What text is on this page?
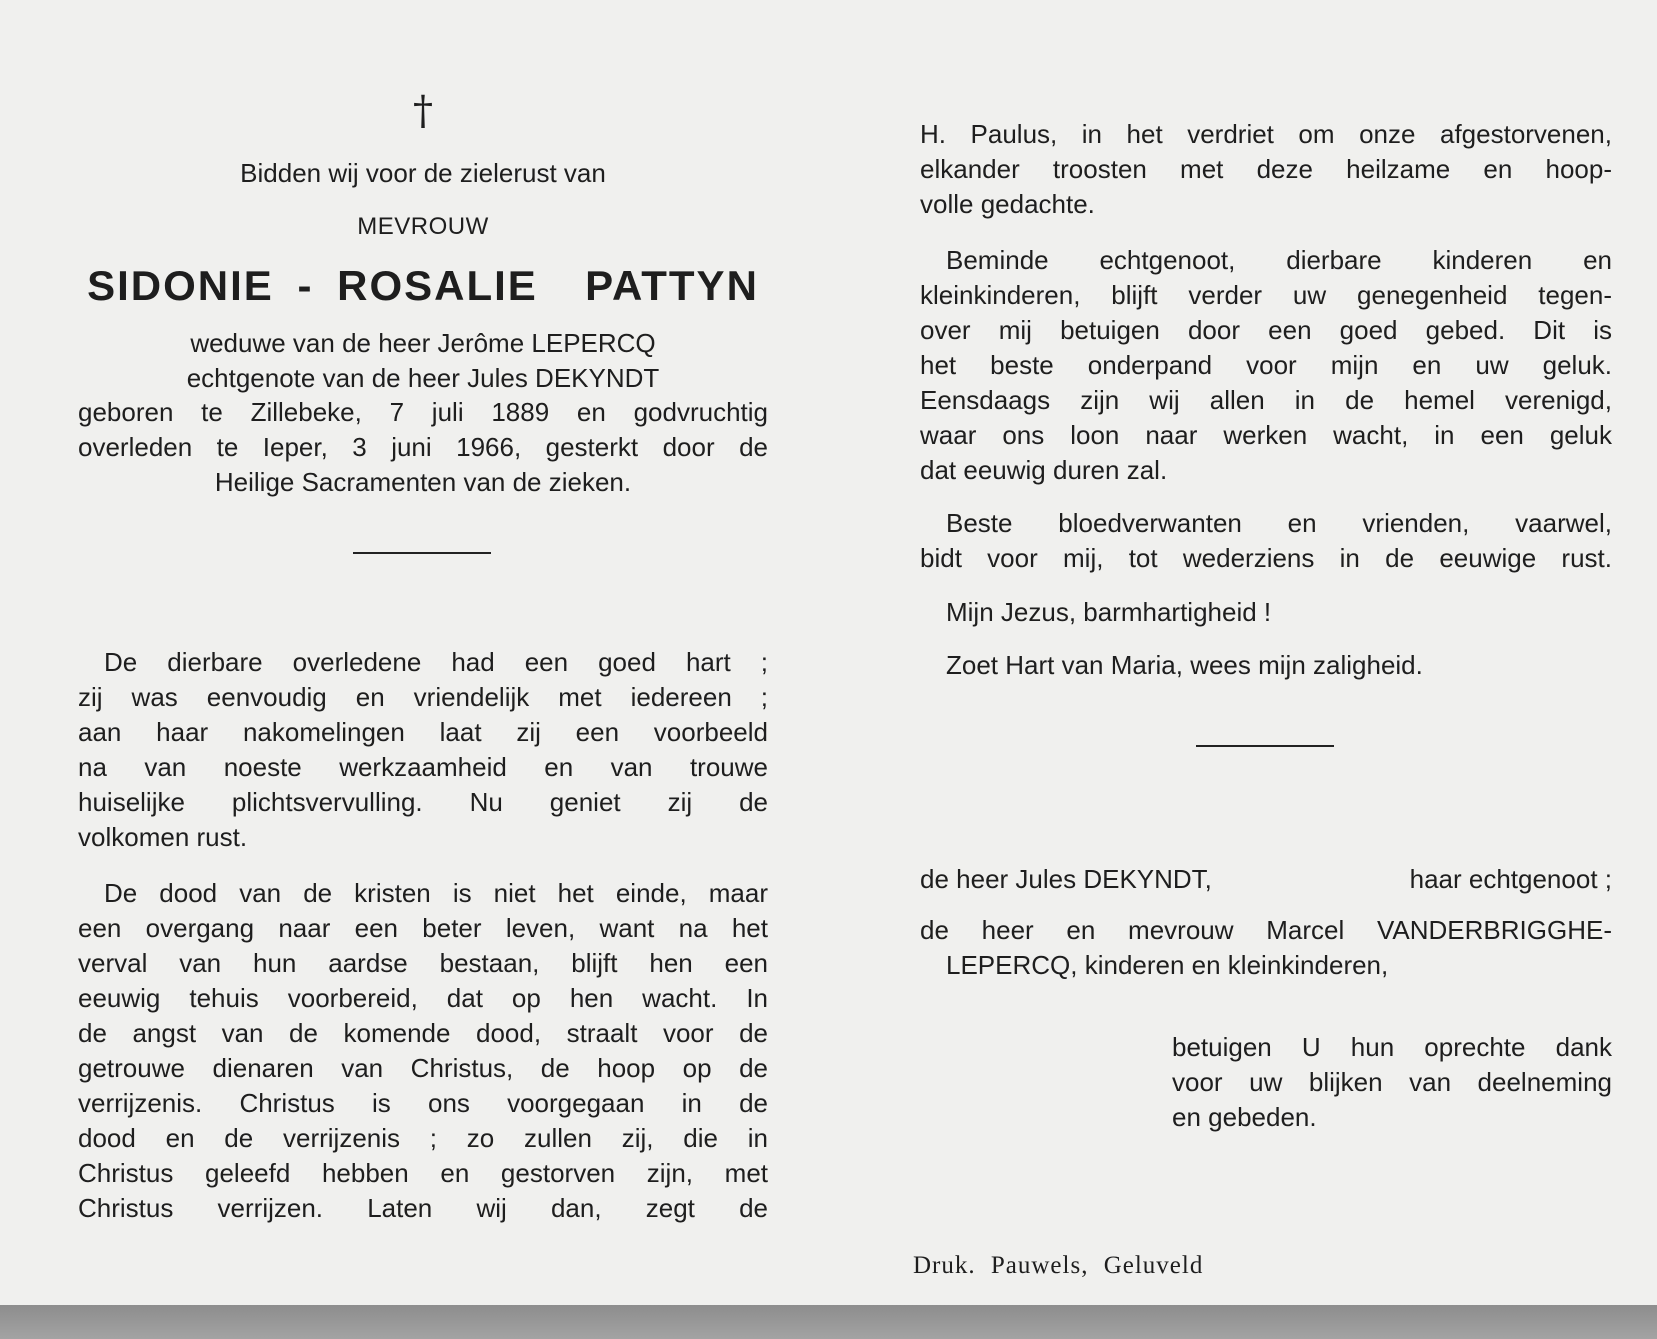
†
Bidden wij voor de zielerust van
MEVROUW
SIDONIE - ROSALIE  PATTYN
weduwe van de heer Jerôme LEPERCQ
echtgenote van de heer Jules DEKYNDT
geboren te Zillebeke, 7 juli 1889 en godvruchtig
overleden te Ieper, 3 juni 1966, gesterkt door de
Heilige Sacramenten van de zieken.
De dierbare overledene had een goed hart ;
zij was eenvoudig en vriendelijk met iedereen ;
aan haar nakomelingen laat zij een voorbeeld
na van noeste werkzaamheid en van trouwe
huiselijke plichtsvervulling. Nu geniet zij de
volkomen rust.
De dood van de kristen is niet het einde, maar
een overgang naar een beter leven, want na het
verval van hun aardse bestaan, blijft hen een
eeuwig tehuis voorbereid, dat op hen wacht. In
de angst van de komende dood, straalt voor de
getrouwe dienaren van Christus, de hoop op de
verrijzenis. Christus is ons voorgegaan in de
dood en de verrijzenis ; zo zullen zij, die in
Christus geleefd hebben en gestorven zijn, met
Christus verrijzen. Laten wij dan, zegt de
H. Paulus, in het verdriet om onze afgestorvenen,
elkander troosten met deze heilzame en hoop-
volle gedachte.
Beminde echtgenoot, dierbare kinderen en
kleinkinderen, blijft verder uw genegenheid tegen-
over mij betuigen door een goed gebed. Dit is
het beste onderpand voor mijn en uw geluk.
Eensdaags zijn wij allen in de hemel verenigd,
waar ons loon naar werken wacht, in een geluk
dat eeuwig duren zal.
Beste bloedverwanten en vrienden, vaarwel,
bidt voor mij, tot wederziens in de eeuwige rust.
Mijn Jezus, barmhartigheid !
Zoet Hart van Maria, wees mijn zaligheid.
de heer Jules DEKYNDT,	haar echtgenoot ;
de heer en mevrouw Marcel VANDERBRIGGHE-
LEPERCQ, kinderen en kleinkinderen,
betuigen U hun oprechte dank
voor uw blijken van deelneming
en gebeden.
Druk. Pauwels, Geluveld
